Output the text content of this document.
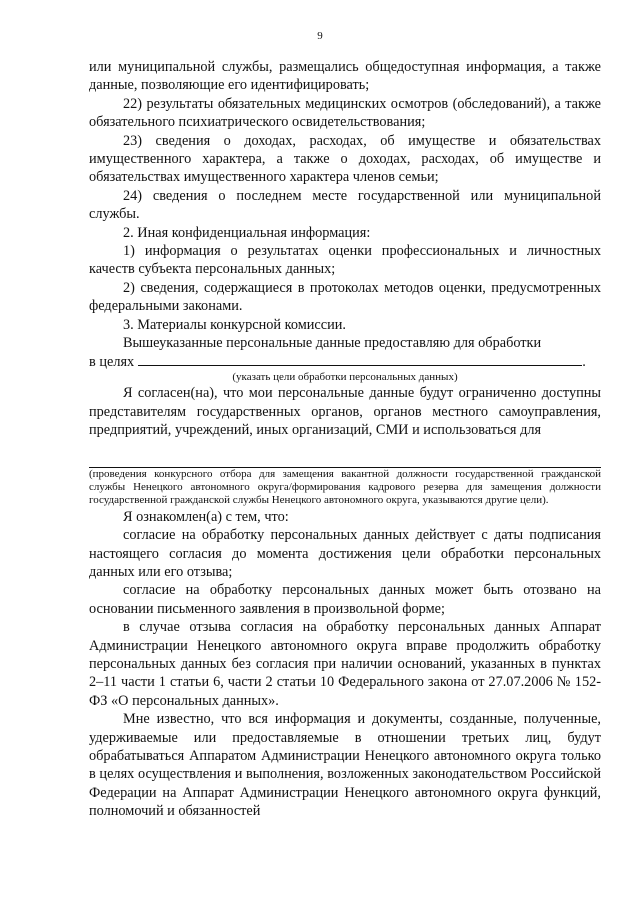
9

или муниципальной службы, размещались общедоступная информация, а также данные, позволяющие его идентифицировать;

22) результаты обязательных медицинских осмотров (обследований), а также обязательного психиатрического освидетельствования;

23) сведения о доходах, расходах, об имуществе и обязательствах имущественного характера, а также о доходах, расходах, об имуществе и обязательствах имущественного характера членов семьи;

24) сведения о последнем месте государственной или муниципальной службы.

2. Иная конфиденциальная информация:

1) информация о результатах оценки профессиональных и личностных качеств субъекта персональных данных;

2) сведения, содержащиеся в протоколах методов оценки, предусмотренных федеральными законами.

3. Материалы конкурсной комиссии.

Вышеуказанные персональные данные предоставляю для обработки

в целях	.

(указать цели обработки персональных данных)

Я согласен(на), что мои персональные данные будут ограниченно доступны представителям государственных органов, органов местного самоуправления, предприятий, учреждений, иных организаций, СМИ и использоваться для

(проведения конкурсного отбора для замещения вакантной должности государственной гражданской службы Ненецкого автономного округа/формирования кадрового резерва для замещения должности государственной гражданской службы Ненецкого автономного округа, указываются другие цели).

Я ознакомлен(а) с тем, что:

согласие на обработку персональных данных действует с даты подписания настоящего согласия до момента достижения цели обработки персональных данных или его отзыва;

согласие на обработку персональных данных может быть отозвано на основании письменного заявления в произвольной форме;

в случае отзыва согласия на обработку персональных данных Аппарат Администрации Ненецкого автономного округа вправе продолжить обработку персональных данных без согласия при наличии оснований, указанных в пунктах 2–11 части 1 статьи 6, части 2 статьи 10 Федерального закона от 27.07.2006 № 152-ФЗ «О персональных данных».

Мне известно, что вся информация и документы, созданные, полученные, удерживаемые или предоставляемые в отношении третьих лиц, будут обрабатываться Аппаратом Администрации Ненецкого автономного округа только в целях осуществления и выполнения, возложенных законодательством Российской Федерации на Аппарат Администрации Ненецкого автономного округа функций, полномочий и обязанностей
